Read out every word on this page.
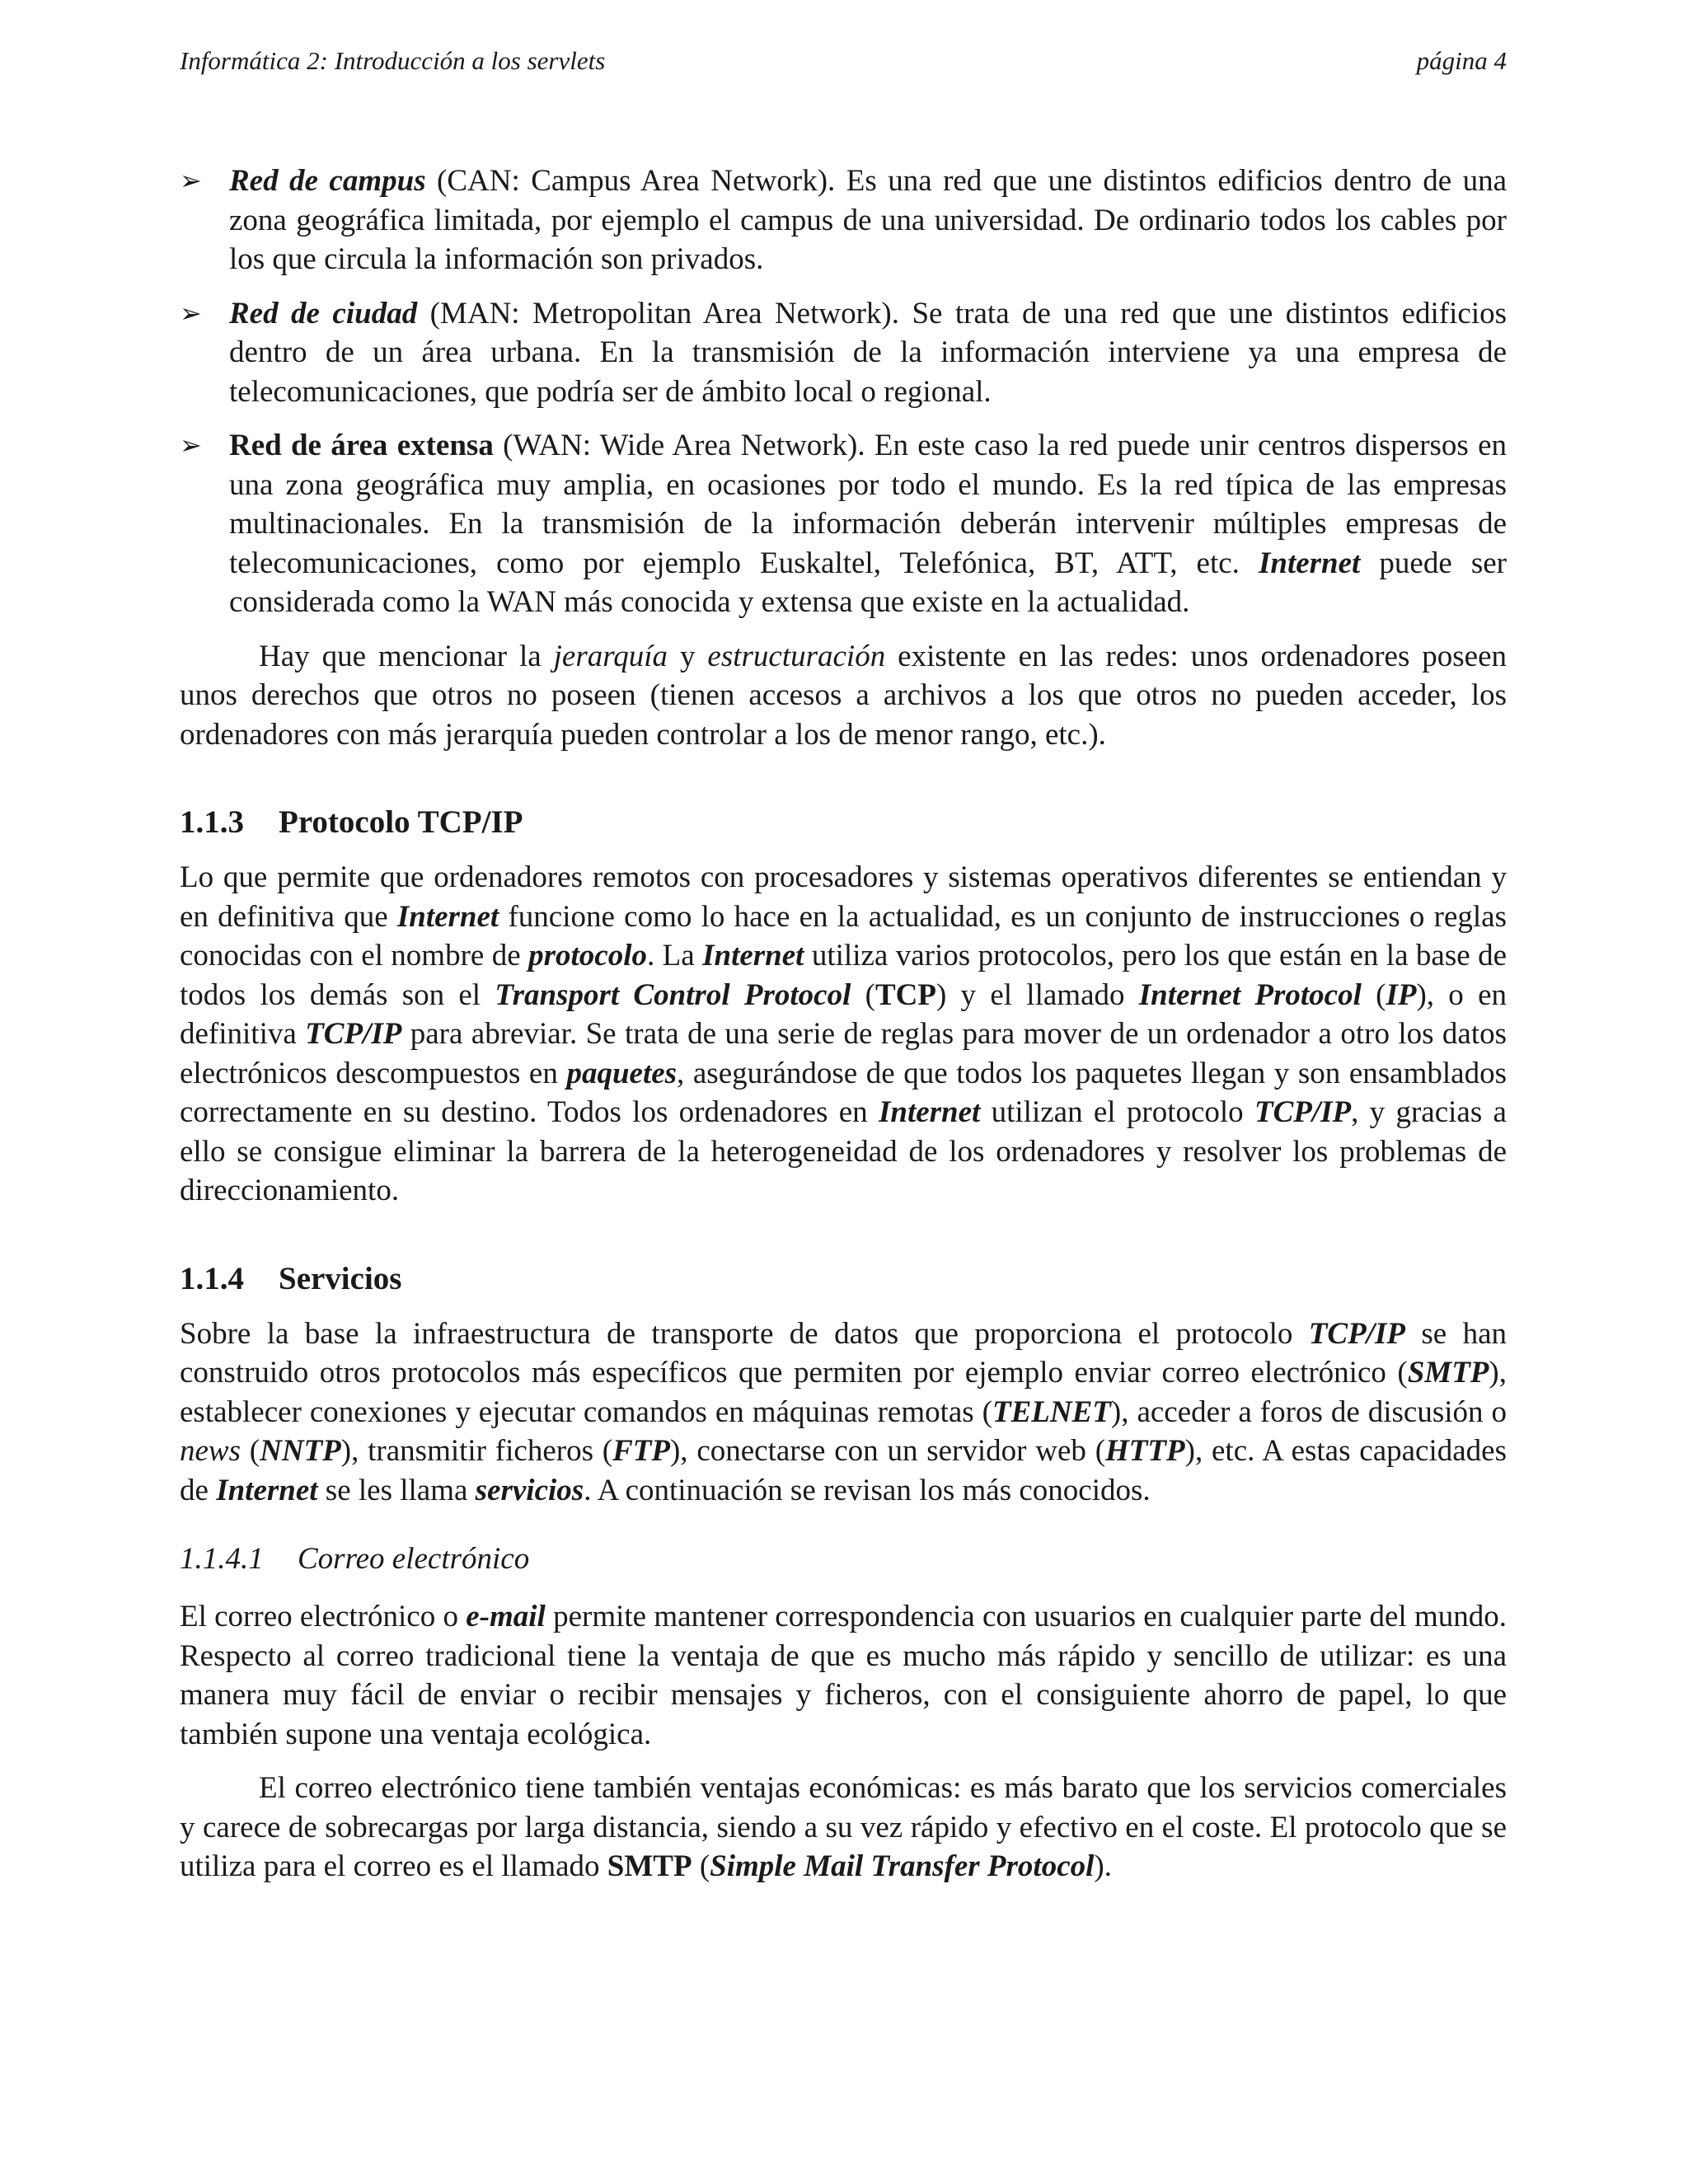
Informática 2: Introducción a los servlets	página 4

➢ Red de campus (CAN: Campus Area Network). Es una red que une distintos edificios dentro de una zona geográfica limitada, por ejemplo el campus de una universidad. De ordinario todos los cables por los que circula la información son privados.

➢ Red de ciudad (MAN: Metropolitan Area Network). Se trata de una red que une distintos edificios dentro de un área urbana. En la transmisión de la información interviene ya una empresa de telecomunicaciones, que podría ser de ámbito local o regional.

➢ Red de área extensa (WAN: Wide Area Network). En este caso la red puede unir centros dispersos en una zona geográfica muy amplia, en ocasiones por todo el mundo. Es la red típica de las empresas multinacionales. En la transmisión de la información deberán intervenir múltiples empresas de telecomunicaciones, como por ejemplo Euskaltel, Telefónica, BT, ATT, etc. Internet puede ser considerada como la WAN más conocida y extensa que existe en la actualidad.

Hay que mencionar la jerarquía y estructuración existente en las redes: unos ordenadores poseen unos derechos que otros no poseen (tienen accesos a archivos a los que otros no pueden acceder, los ordenadores con más jerarquía pueden controlar a los de menor rango, etc.).

1.1.3 Protocolo TCP/IP

Lo que permite que ordenadores remotos con procesadores y sistemas operativos diferentes se entiendan y en definitiva que Internet funcione como lo hace en la actualidad, es un conjunto de instrucciones o reglas conocidas con el nombre de protocolo. La Internet utiliza varios protocolos, pero los que están en la base de todos los demás son el Transport Control Protocol (TCP) y el llamado Internet Protocol (IP), o en definitiva TCP/IP para abreviar. Se trata de una serie de reglas para mover de un ordenador a otro los datos electrónicos descompuestos en paquetes, asegurándose de que todos los paquetes llegan y son ensamblados correctamente en su destino. Todos los ordenadores en Internet utilizan el protocolo TCP/IP, y gracias a ello se consigue eliminar la barrera de la heterogeneidad de los ordenadores y resolver los problemas de direccionamiento.

1.1.4 Servicios

Sobre la base la infraestructura de transporte de datos que proporciona el protocolo TCP/IP se han construido otros protocolos más específicos que permiten por ejemplo enviar correo electrónico (SMTP), establecer conexiones y ejecutar comandos en máquinas remotas (TELNET), acceder a foros de discusión o news (NNTP), transmitir ficheros (FTP), conectarse con un servidor web (HTTP), etc. A estas capacidades de Internet se les llama servicios. A continuación se revisan los más conocidos.

1.1.4.1 Correo electrónico

El correo electrónico o e-mail permite mantener correspondencia con usuarios en cualquier parte del mundo. Respecto al correo tradicional tiene la ventaja de que es mucho más rápido y sencillo de utilizar: es una manera muy fácil de enviar o recibir mensajes y ficheros, con el consiguiente ahorro de papel, lo que también supone una ventaja ecológica.

El correo electrónico tiene también ventajas económicas: es más barato que los servicios comerciales y carece de sobrecargas por larga distancia, siendo a su vez rápido y efectivo en el coste. El protocolo que se utiliza para el correo es el llamado SMTP (Simple Mail Transfer Protocol).
